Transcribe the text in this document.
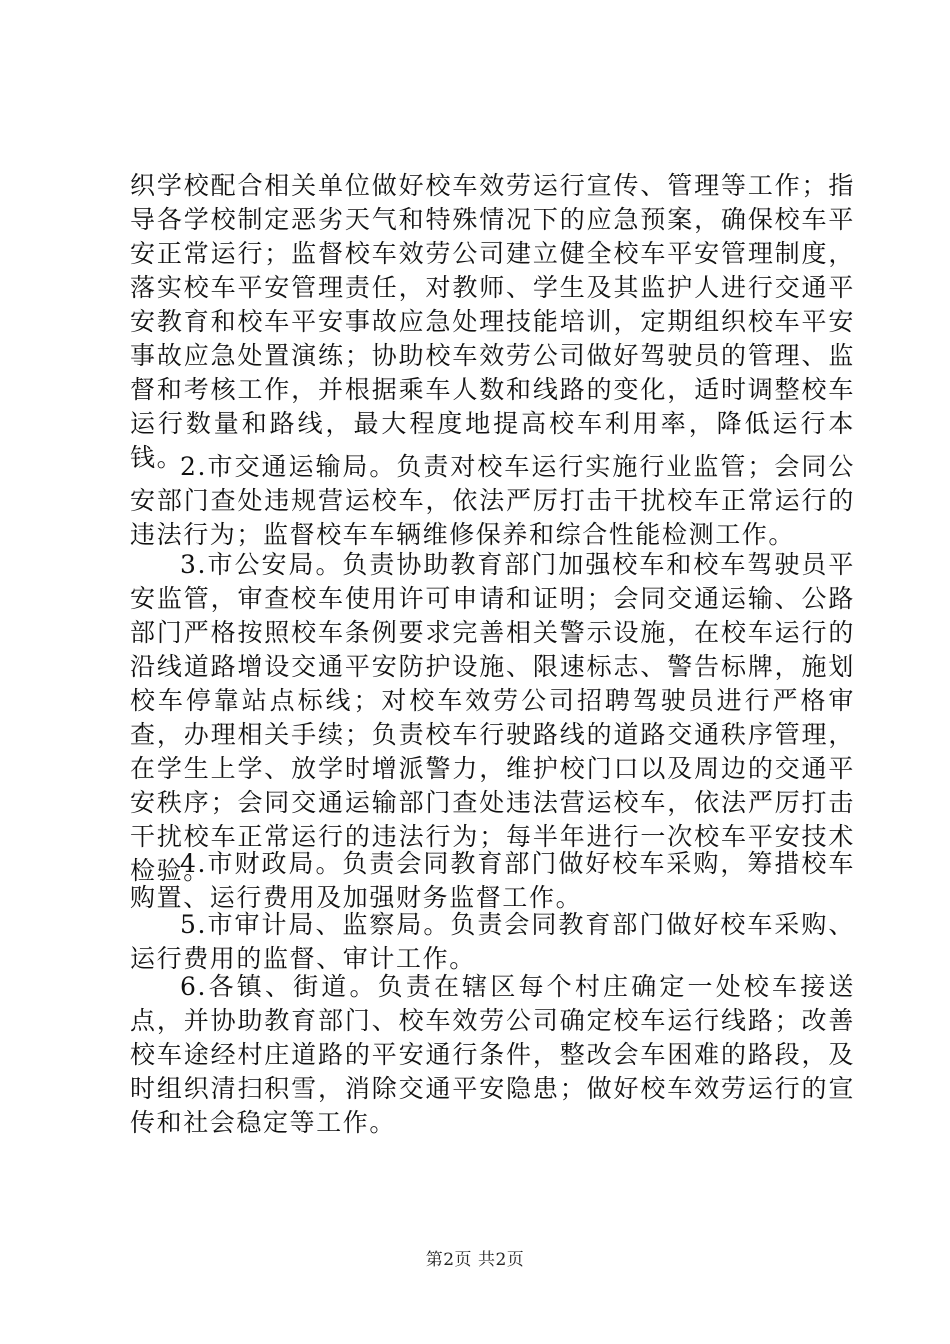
织学校配合相关单位做好校车效劳运行宣传、管理等工作；指导各学校制定恶劣天气和特殊情况下的应急预案，确保校车平安正常运行；监督校车效劳公司建立健全校车平安管理制度，落实校车平安管理责任，对教师、学生及其监护人进行交通平安教育和校车平安事故应急处理技能培训，定期组织校车平安事故应急处置演练；协助校车效劳公司做好驾驶员的管理、监督和考核工作，并根据乘车人数和线路的变化，适时调整校车运行数量和路线，最大程度地提高校车利用率，降低运行本钱。

2.市交通运输局。负责对校车运行实施行业监管；会同公安部门查处违规营运校车，依法严厉打击干扰校车正常运行的违法行为；监督校车车辆维修保养和综合性能检测工作。

3.市公安局。负责协助教育部门加强校车和校车驾驶员平安监管，审查校车使用许可申请和证明；会同交通运输、公路部门严格按照校车条例要求完善相关警示设施，在校车运行的沿线道路增设交通平安防护设施、限速标志、警告标牌，施划校车停靠站点标线；对校车效劳公司招聘驾驶员进行严格审查，办理相关手续；负责校车行驶路线的道路交通秩序管理，在学生上学、放学时增派警力，维护校门口以及周边的交通平安秩序；会同交通运输部门查处违法营运校车，依法严厉打击干扰校车正常运行的违法行为；每半年进行一次校车平安技术检验。

4.市财政局。负责会同教育部门做好校车采购，筹措校车购置、运行费用及加强财务监督工作。

5.市审计局、监察局。负责会同教育部门做好校车采购、运行费用的监督、审计工作。

6.各镇、街道。负责在辖区每个村庄确定一处校车接送点，并协助教育部门、校车效劳公司确定校车运行线路；改善校车途经村庄道路的平安通行条件，整改会车困难的路段，及时组织清扫积雪，消除交通平安隐患；做好校车效劳运行的宣传和社会稳定等工作。

第2页 共2页
